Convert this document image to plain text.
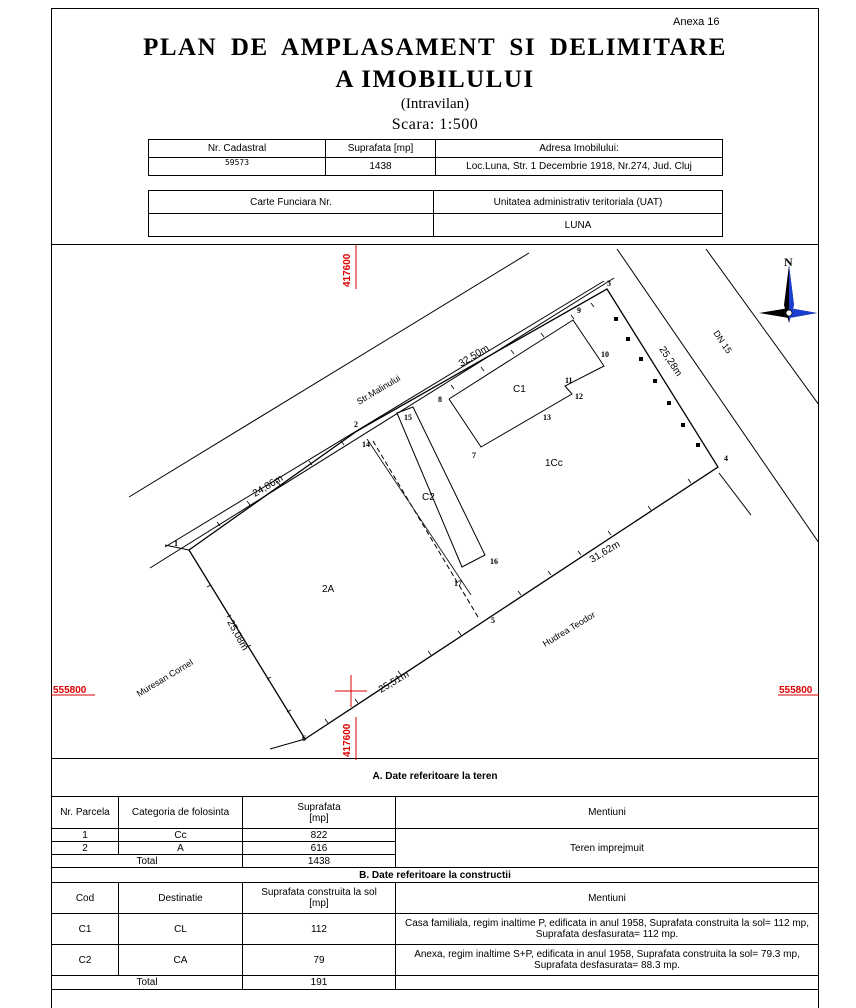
Anexa 16
PLAN DE AMPLASAMENT SI DELIMITARE
A IMOBILULUI
(Intravilan)
Scara: 1:500
Nr. Cadastral	Suprafata [mp]	Adresa Imobilului:
59573	1438	Loc.Luna, Str. 1 Decembrie 1918, Nr.274, Jud. Cluj
Carte Funciara Nr.	Unitatea administrativ teritoriala (UAT)
	LUNA
N
417600
417600
555800	555800
Str.Malinului
DN 15
Muresan Cornel
Hudrea Teodor
32,50m
24,86m
25,28m
31,62m
25,51m
25,08m
C1
C2
1Cc
2A
1
2
3
4
5
6
7
8
9
10
11
12
13
14
15
16
17
A. Date referitoare la teren
Nr. Parcela	Categoria de folosinta	Suprafata
[mp]	Mentiuni
1	Cc	822	Teren imprejmuit
2	A	616	
Total		1438	
B. Date referitoare la constructii			
Cod	Destinatie	Suprafata construita la sol
[mp]	Mentiuni
C1	CL	112	Casa familiala, regim inaltime P, edificata in anul 1958, Suprafata construita la sol= 112 mp, Suprafata desfasurata= 112 mp.
C2	CA	79	Anexa, regim inaltime S+P, edificata in anul 1958, Suprafata construita la sol= 79.3 mp, Suprafata desfasurata= 88.3 mp.
Total		191	
